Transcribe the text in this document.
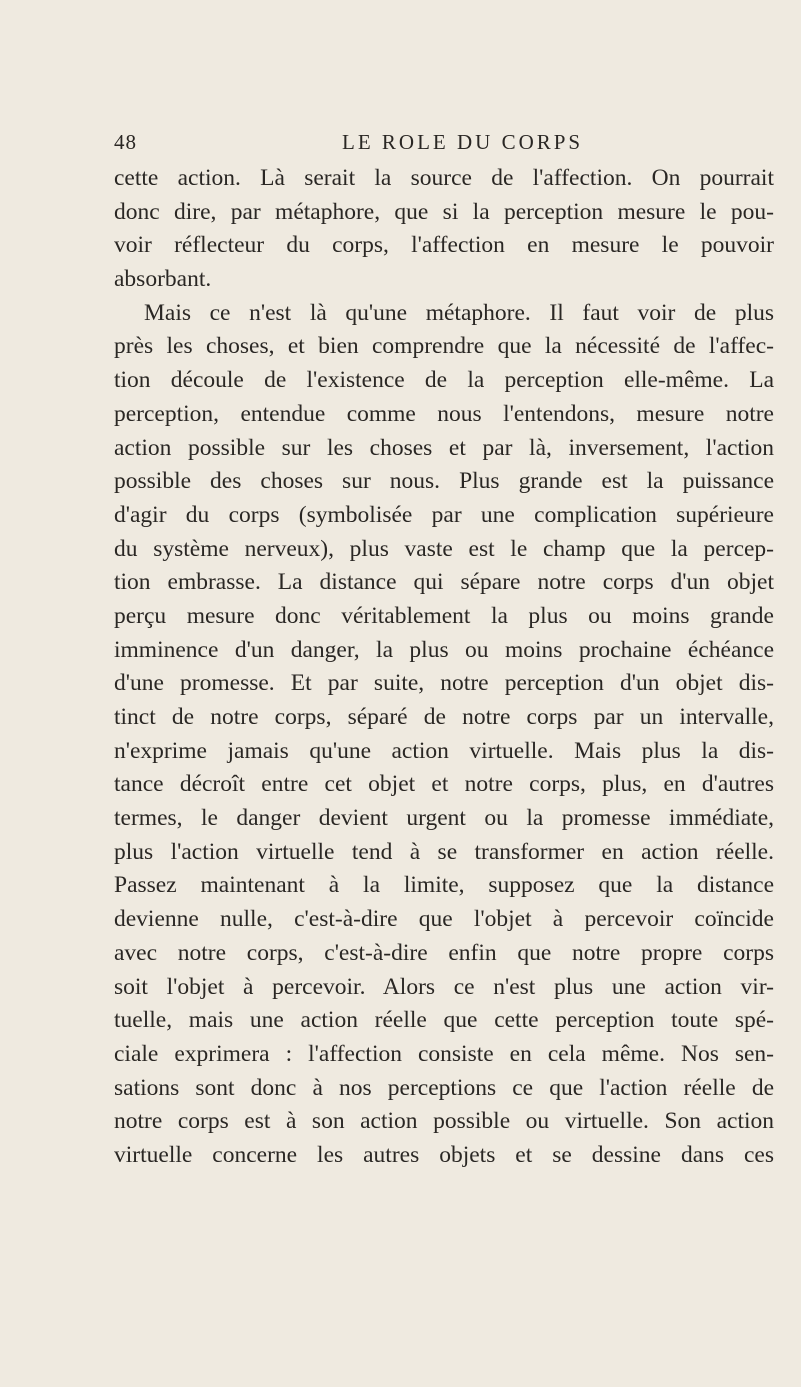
48	LE ROLE DU CORPS
cette action. Là serait la source de l'affection. On pourrait
donc dire, par métaphore, que si la perception mesure le pou-
voir réflecteur du corps, l'affection en mesure le pouvoir
absorbant.
Mais ce n'est là qu'une métaphore. Il faut voir de plus
près les choses, et bien comprendre que la nécessité de l'affec-
tion découle de l'existence de la perception elle-même. La
perception, entendue comme nous l'entendons, mesure notre
action possible sur les choses et par là, inversement, l'action
possible des choses sur nous. Plus grande est la puissance
d'agir du corps (symbolisée par une complication supérieure
du système nerveux), plus vaste est le champ que la percep-
tion embrasse. La distance qui sépare notre corps d'un objet
perçu mesure donc véritablement la plus ou moins grande
imminence d'un danger, la plus ou moins prochaine échéance
d'une promesse. Et par suite, notre perception d'un objet dis-
tinct de notre corps, séparé de notre corps par un intervalle,
n'exprime jamais qu'une action virtuelle. Mais plus la dis-
tance décroît entre cet objet et notre corps, plus, en d'autres
termes, le danger devient urgent ou la promesse immédiate,
plus l'action virtuelle tend à se transformer en action réelle.
Passez maintenant à la limite, supposez que la distance
devienne nulle, c'est-à-dire que l'objet à percevoir coïncide
avec notre corps, c'est-à-dire enfin que notre propre corps
soit l'objet à percevoir. Alors ce n'est plus une action vir-
tuelle, mais une action réelle que cette perception toute spé-
ciale exprimera : l'affection consiste en cela même. Nos sen-
sations sont donc à nos perceptions ce que l'action réelle de
notre corps est à son action possible ou virtuelle. Son action
virtuelle concerne les autres objets et se dessine dans ces
